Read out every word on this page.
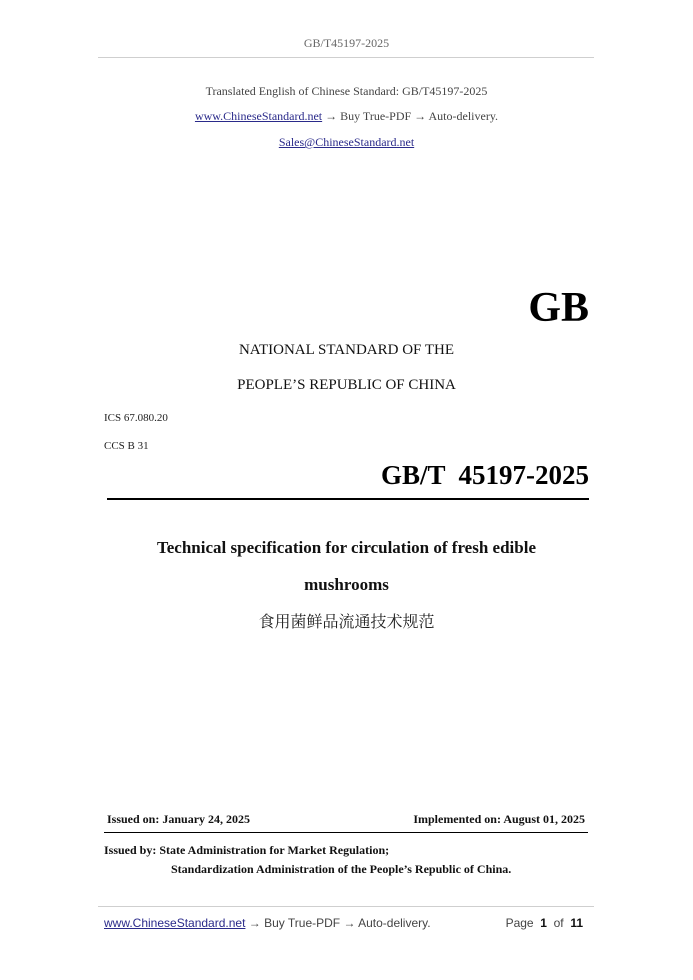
GB/T45197-2025
Translated English of Chinese Standard: GB/T45197-2025
www.ChineseStandard.net → Buy True-PDF → Auto-delivery.
Sales@ChineseStandard.net
GB
NATIONAL STANDARD OF THE
PEOPLE’S REPUBLIC OF CHINA
ICS 67.080.20
CCS B 31
GB/T  45197-2025
Technical specification for circulation of fresh edible
mushrooms
食用菌鲜品流通技术规范
Issued on: January 24, 2025	Implemented on: August 01, 2025
Issued by: State Administration for Market Regulation;
Standardization Administration of the People’s Republic of China.
www.ChineseStandard.net → Buy True-PDF → Auto-delivery.	Page 1 of 11
